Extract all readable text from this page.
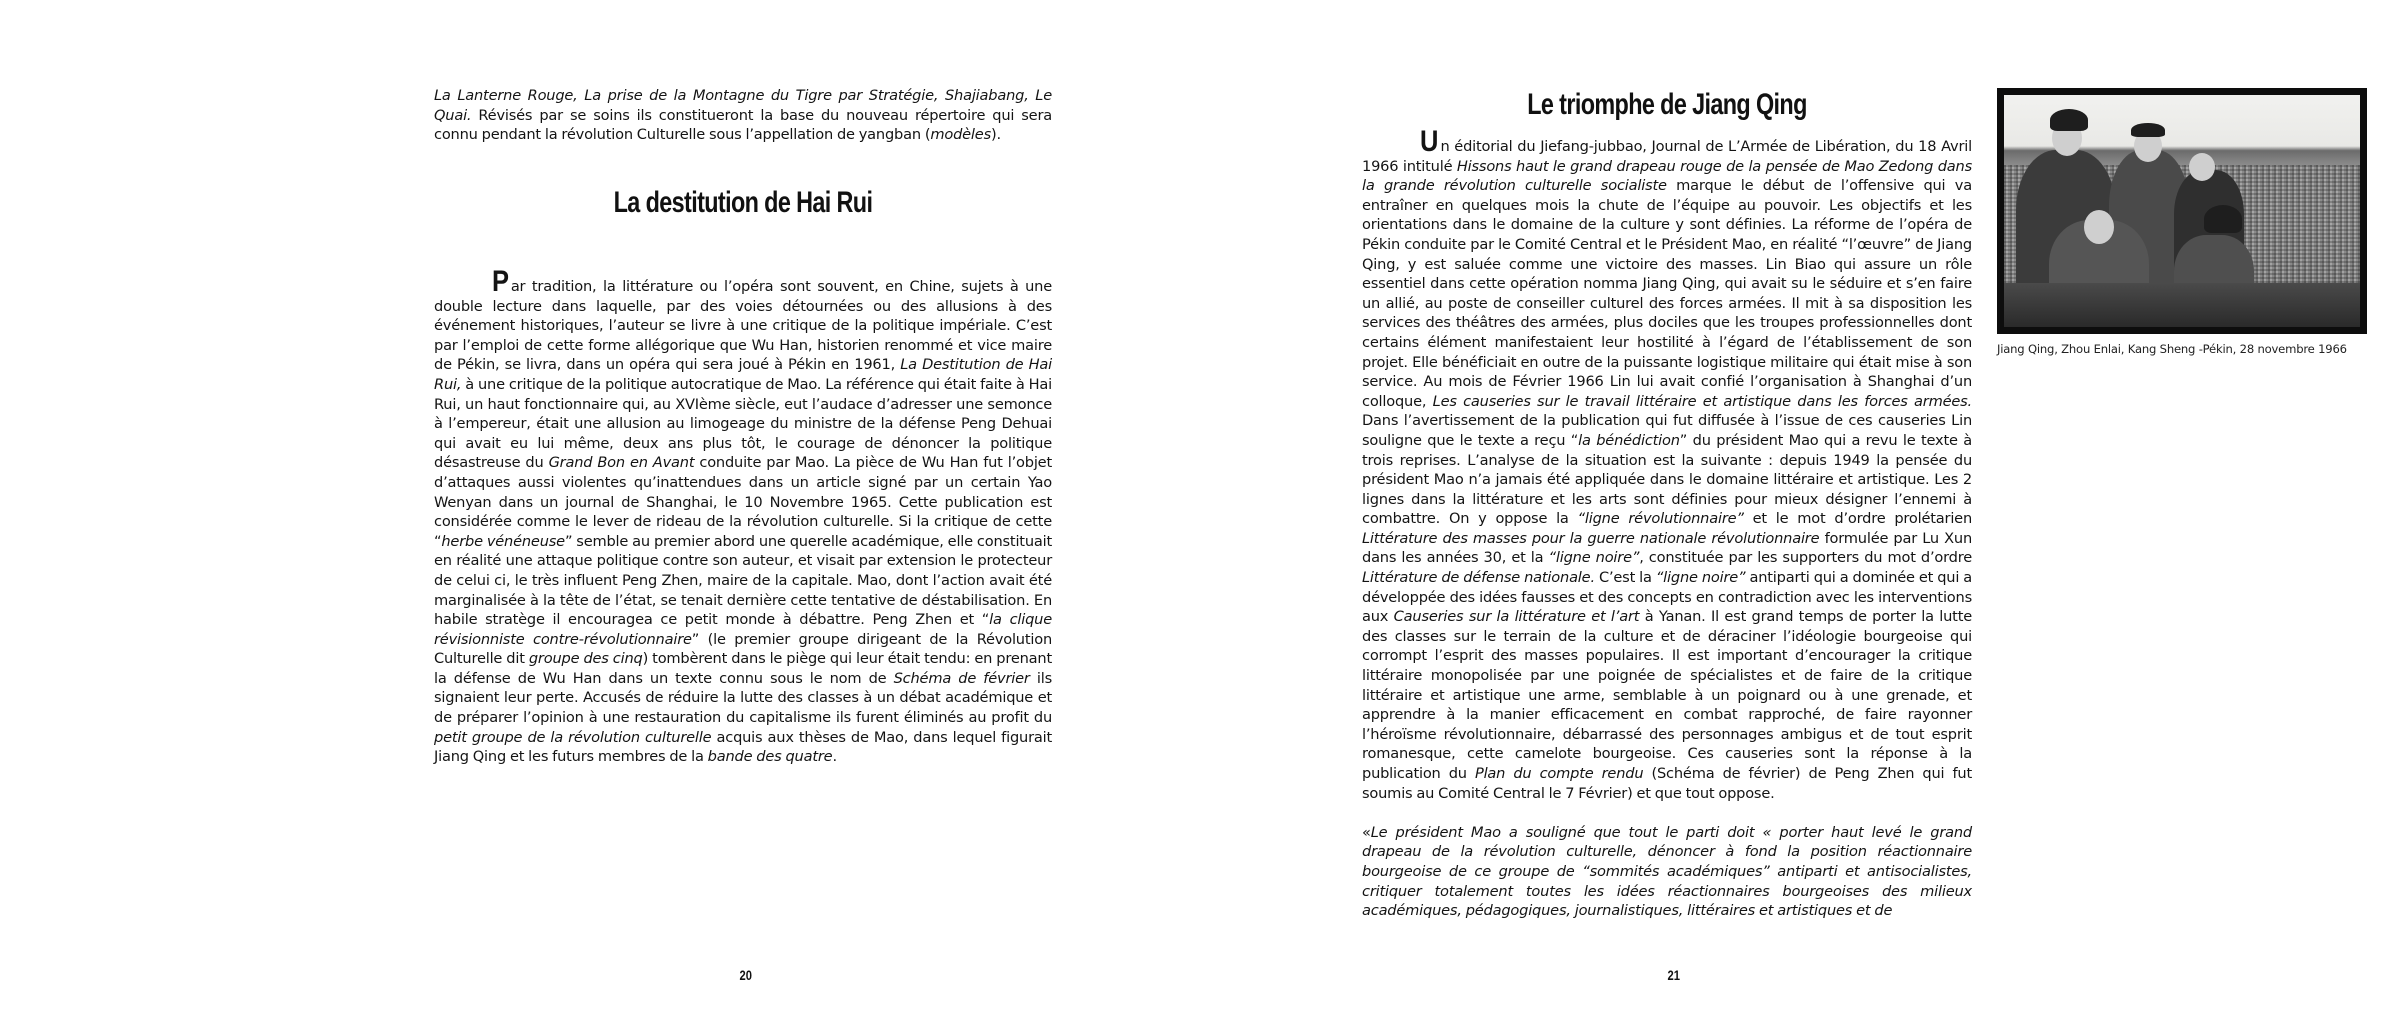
La Lanterne Rouge, La prise de la Montagne du Tigre par Stratégie, Shajiabang, Le Quai. Révisés par se soins ils constitueront la base du nouveau répertoire qui sera connu pendant la révolution Culturelle sous l’appellation de yangban (modèles).

La destitution de Hai Rui

Par tradition, la littérature ou l’opéra sont souvent, en Chine, sujets à une double lecture dans laquelle, par des voies détournées ou des allusions à des événement historiques, l’auteur se livre à une critique de la politique impériale. C’est par l’emploi de cette forme allégorique que Wu Han, historien renommé et vice maire de Pékin, se livra, dans un opéra qui sera joué à Pékin en 1961, La Destitution de Hai Rui, à une critique de la politique autocratique de Mao. La référence qui était faite à Hai Rui, un haut fonctionnaire qui, au XVIème siècle, eut l’audace d’adresser une semonce à l’empereur, était une allusion au limogeage du ministre de la défense Peng Dehuai qui avait eu lui même, deux ans plus tôt, le courage de dénoncer la politique désastreuse du Grand Bon en Avant conduite par Mao. La pièce de Wu Han fut l’objet d’attaques aussi violentes qu’inattendues dans un article signé par un certain Yao Wenyan dans un journal de Shanghai, le 10 Novembre 1965. Cette publication est considérée comme le lever de rideau de la révolution culturelle. Si la critique de cette “herbe vénéneuse” semble au premier abord une querelle académique, elle constituait en réalité une attaque politique contre son auteur, et visait par extension le protecteur de celui ci, le très influent Peng Zhen, maire de la capitale. Mao, dont l’action avait été marginalisée à la tête de l’état, se tenait dernière cette tentative de déstabilisation. En habile stratège il encouragea ce petit monde à débattre. Peng Zhen et “la clique révisionniste contre-révolutionnaire” (le premier groupe dirigeant de la Révolution Culturelle dit groupe des cinq) tombèrent dans le piège qui leur était tendu: en prenant la défense de Wu Han dans un texte connu sous le nom de Schéma de février ils signaient leur perte. Accusés de réduire la lutte des classes à un débat académique et de préparer l’opinion à une restauration du capitalisme ils furent éliminés au profit du petit groupe de la révolution culturelle acquis aux thèses de Mao, dans lequel figurait Jiang Qing et les futurs membres de la bande des quatre.

20
Le triomphe de Jiang Qing

Un éditorial du Jiefang-jubbao, Journal de L’Armée de Libération, du 18 Avril 1966 intitulé Hissons haut le grand drapeau rouge de la pensée de Mao Zedong dans la grande révolution culturelle socialiste marque le début de l’offensive qui va entraîner en quelques mois la chute de l’équipe au pouvoir. Les objectifs et les orientations dans le domaine de la culture y sont définies. La réforme de l’opéra de Pékin conduite par le Comité Central et le Président Mao, en réalité “l’œuvre” de Jiang Qing, y est saluée comme une victoire des masses. Lin Biao qui assure un rôle essentiel dans cette opération nomma Jiang Qing, qui avait su le séduire et s’en faire un allié, au poste de conseiller culturel des forces armées. Il mit à sa disposition les services des théâtres des armées, plus dociles que les troupes professionnelles dont certains élément manifestaient leur hostilité à l’égard de l’établissement de son projet. Elle bénéficiait en outre de la puissante logistique militaire qui était mise à son service. Au mois de Février 1966 Lin lui avait confié l’organisation à Shanghai d’un colloque, Les causeries sur le travail littéraire et artistique dans les forces armées. Dans l’avertissement de la publication qui fut diffusée à l’issue de ces causeries Lin souligne que le texte a reçu “la bénédiction” du président Mao qui a revu le texte à trois reprises. L’analyse de la situation est la suivante : depuis 1949 la pensée du président Mao n’a jamais été appliquée dans le domaine littéraire et artistique. Les 2 lignes dans la littérature et les arts sont définies pour mieux désigner l’ennemi à combattre. On y oppose la “ligne révolutionnaire” et le mot d’ordre prolétarien Littérature des masses pour la guerre nationale révolutionnaire formulée par Lu Xun dans les années 30, et la “ligne noire”, constituée par les supporters du mot d’ordre Littérature de défense nationale. C’est la “ligne noire” antiparti qui a dominée et qui a développée des idées fausses et des concepts en contradiction avec les interventions aux Causeries sur la littérature et l’art à Yanan. Il est grand temps de porter la lutte des classes sur le terrain de la culture et de déraciner l’idéologie bourgeoise qui corrompt l’esprit des masses populaires. Il est important d’encourager la critique littéraire monopolisée par une poignée de spécialistes et de faire de la critique littéraire et artistique une arme, semblable à un poignard ou à une grenade, et apprendre à la manier efficacement en combat rapproché, de faire rayonner l’héroïsme révolutionnaire, débarrassé des personnages ambigus et de tout esprit romanesque, cette camelote bourgeoise. Ces causeries sont la réponse à la publication du Plan du compte rendu (Schéma de février) de Peng Zhen qui fut soumis au Comité Central le 7 Février) et que tout oppose.

«Le président Mao a souligné que tout le parti doit « porter haut levé le grand drapeau de la révolution culturelle, dénoncer à fond la position réactionnaire bourgeoise de ce groupe de “sommités académiques” antiparti et antisocialistes, critiquer totalement toutes les idées réactionnaires bourgeoises des milieux académiques, pédagogiques, journalistiques, littéraires et artistiques et de

Jiang Qing, Zhou Enlai, Kang Sheng -Pékin, 28 novembre 1966
21
